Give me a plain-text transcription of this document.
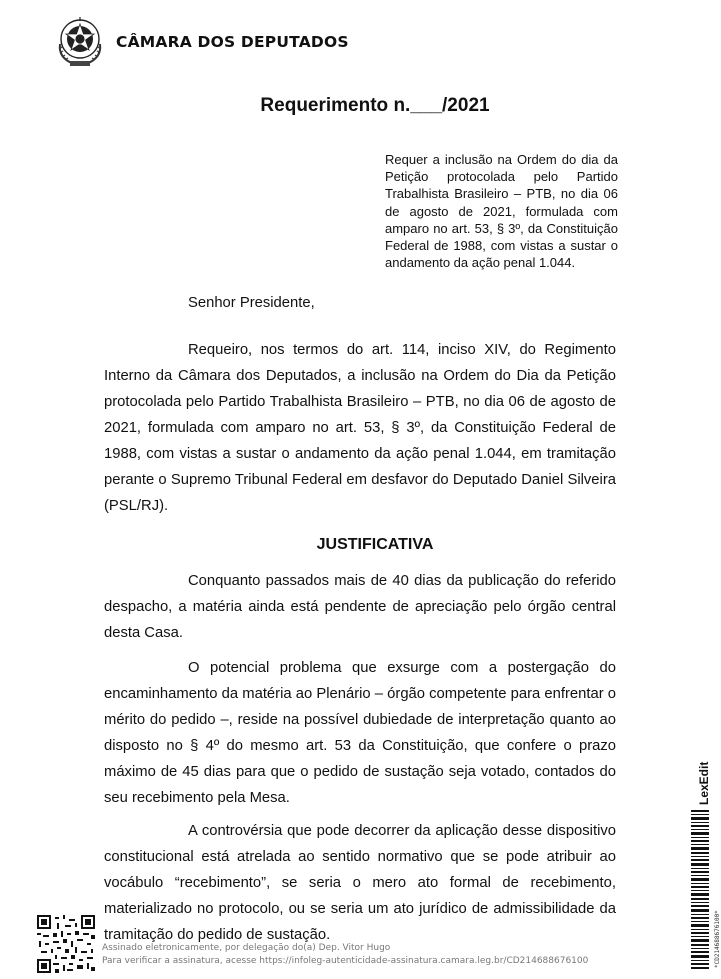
CÂMARA DOS DEPUTADOS
Requerimento n.___/2021
Requer a inclusão na Ordem do dia da Petição protocolada pelo Partido Trabalhista Brasileiro – PTB, no dia 06 de agosto de 2021, formulada com amparo no art. 53, § 3º, da Constituição Federal de 1988, com vistas a sustar o andamento da ação penal 1.044.

Senhor Presidente,

Requeiro, nos termos do art. 114, inciso XIV, do Regimento Interno da Câmara dos Deputados, a inclusão na Ordem do Dia da Petição protocolada pelo Partido Trabalhista Brasileiro – PTB, no dia 06 de agosto de 2021, formulada com amparo no art. 53, § 3º, da Constituição Federal de 1988, com vistas a sustar o andamento da ação penal 1.044, em tramitação perante o Supremo Tribunal Federal em desfavor do Deputado Daniel Silveira (PSL/RJ).

JUSTIFICATIVA

Conquanto passados mais de 40 dias da publicação do referido despacho, a matéria ainda está pendente de apreciação pelo órgão central desta Casa.

O potencial problema que exsurge com a postergação do encaminhamento da matéria ao Plenário – órgão competente para enfrentar o mérito do pedido –, reside na possível dubiedade de interpretação quanto ao disposto no § 4º do mesmo art. 53 da Constituição, que confere o prazo máximo de 45 dias para que o pedido de sustação seja votado, contados do seu recebimento pela Mesa.

A controvérsia que pode decorrer da aplicação desse dispositivo constitucional está atrelada ao sentido normativo que se pode atribuir ao vocábulo “recebimento”, se seria o mero ato formal de recebimento, materializado no protocolo, ou se seria um ato jurídico de admissibilidade da tramitação do pedido de sustação.

LexEdit
*CD214688676100*
Assinado eletronicamente, por delegação do(a) Dep. Vitor Hugo
Para verificar a assinatura, acesse https://infoleg-autenticidade-assinatura.camara.leg.br/CD214688676100
